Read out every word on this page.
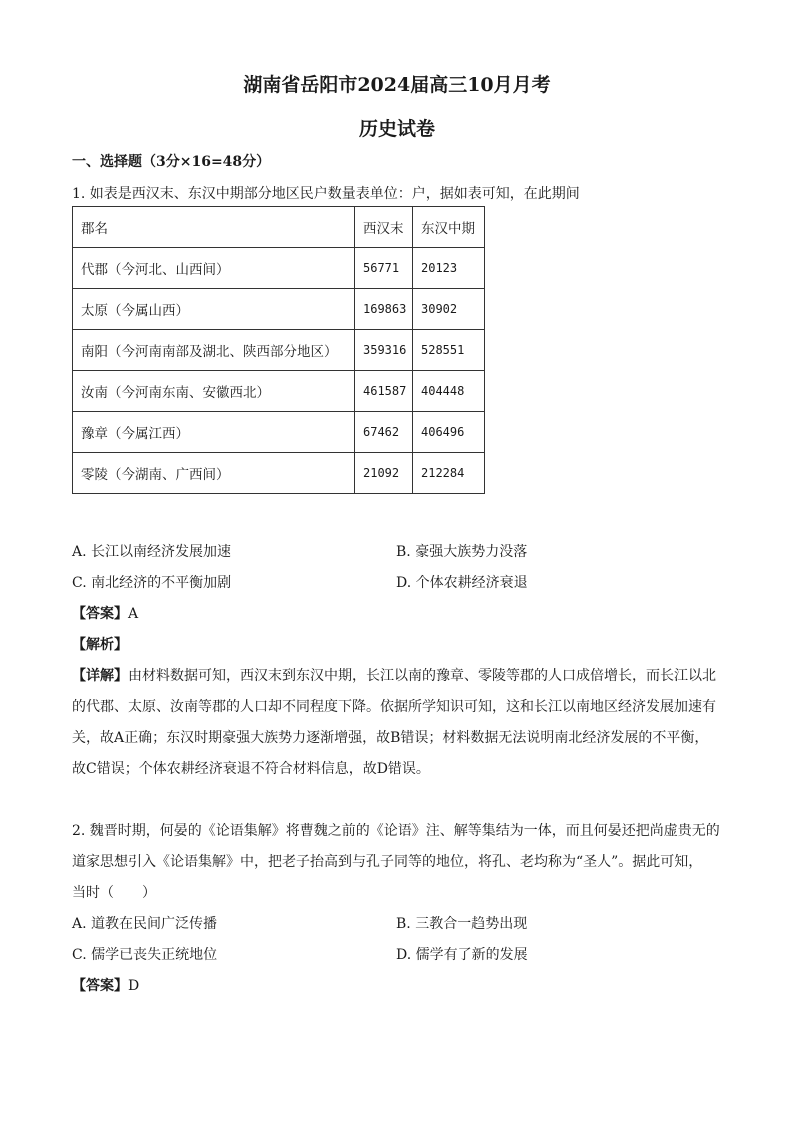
湖南省岳阳市2024届高三10月月考
历史试卷
一、选择题（3分×16=48分）
1. 如表是西汉末、东汉中期部分地区民户数量表单位：户，据如表可知，在此期间
郡名	西汉末	东汉中期
代郡（今河北、山西间）	56771	20123
太原（今属山西）	169863	30902
南阳（今河南南部及湖北、陕西部分地区）	359316	528551
汝南（今河南东南、安徽西北）	461587	404448
豫章（今属江西）	67462	406496
零陵（今湖南、广西间）	21092	212284
A. 长江以南经济发展加速	B. 豪强大族势力没落
C. 南北经济的不平衡加剧	D. 个体农耕经济衰退
【答案】A
【解析】
【详解】由材料数据可知，西汉末到东汉中期，长江以南的豫章、零陵等郡的人口成倍增长，而长江以北
的代郡、太原、汝南等郡的人口却不同程度下降。依据所学知识可知，这和长江以南地区经济发展加速有
关，故A正确；东汉时期豪强大族势力逐渐增强，故B错误；材料数据无法说明南北经济发展的不平衡，
故C错误；个体农耕经济衰退不符合材料信息，故D错误。
2. 魏晋时期，何晏的《论语集解》将曹魏之前的《论语》注、解等集结为一体，而且何晏还把尚虚贵无的
道家思想引入《论语集解》中，把老子抬高到与孔子同等的地位，将孔、老均称为“圣人”。据此可知，
当时（　　）
A. 道教在民间广泛传播	B. 三教合一趋势出现
C. 儒学已丧失正统地位	D. 儒学有了新的发展
【答案】D
